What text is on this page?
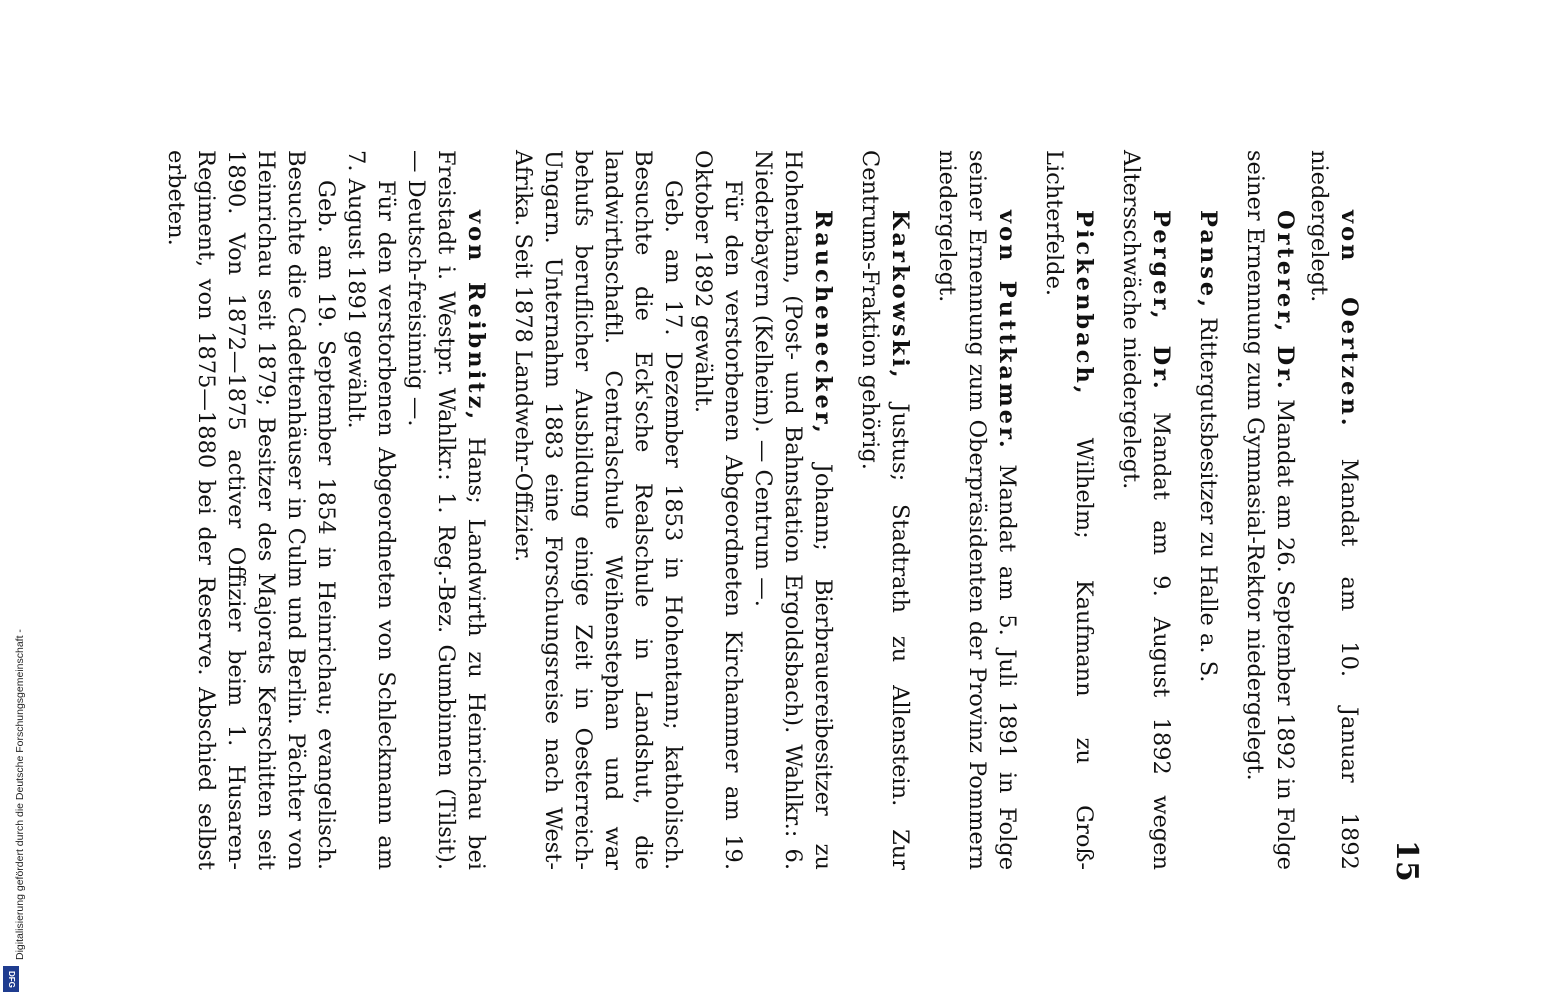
15
von Oertzen. Mandat am 10. Januar 1892 niedergelegt.
Orterer, Dr. Mandat am 26. September 1892 in Folge seiner Ernennung zum Gymnasial-Rektor niedergelegt.
Panse, Rittergutsbesitzer zu Halle a. S.
Perger, Dr. Mandat am 9. August 1892 wegen Altersschwäche niedergelegt.
Pickenbach, Wilhelm; Kaufmann zu Groß-Lichterfelde.
von Puttkamer. Mandat am 5. Juli 1891 in Folge seiner Ernennung zum Oberpräsidenten der Provinz Pommern niedergelegt.
Karkowski, Justus; Stadtrath zu Allenstein. Zur Centrums-Fraktion gehörig.

Rauchenecker, Johann; Bierbrauereibesitzer zu Hohentann, (Post- und Bahnstation Ergoldsbach). Wahlkr.: 6. Niederbayern (Kelheim). — Centrum —.

Für den verstorbenen Abgeordneten Kirchammer am 19. Oktober 1892 gewählt.

Geb. am 17. Dezember 1853 in Hohentann; katholisch. Besuchte die Eck'sche Realschule in Landshut, die landwirthschaftl. Centralschule Weihenstephan und war behufs beruflicher Ausbildung einige Zeit in Oesterreich-Ungarn. Unternahm 1883 eine Forschungsreise nach West-Afrika. Seit 1878 Landwehr-Offizier.

von Reibnitz, Hans; Landwirth zu Heinrichau bei Freistadt i. Westpr. Wahlkr.: 1. Reg.-Bez. Gumbinnen (Tilsit). — Deutsch-freisinnig —.

Für den verstorbenen Abgeordneten von Schleckmann am 7. August 1891 gewählt.

Geb. am 19. September 1854 in Heinrichau; evangelisch. Besuchte die Cadettenhäuser in Culm und Berlin. Pächter von Heinrichau seit 1879; Besitzer des Majorats Kerschitten seit 1890. Von 1872—1875 activer Offizier beim 1. Husaren-Regiment, von 1875—1880 bei der Reserve. Abschied selbst erbeten.

Digitalisierung gefördert durch die Deutsche Forschungsgemeinschaft -
DFG
